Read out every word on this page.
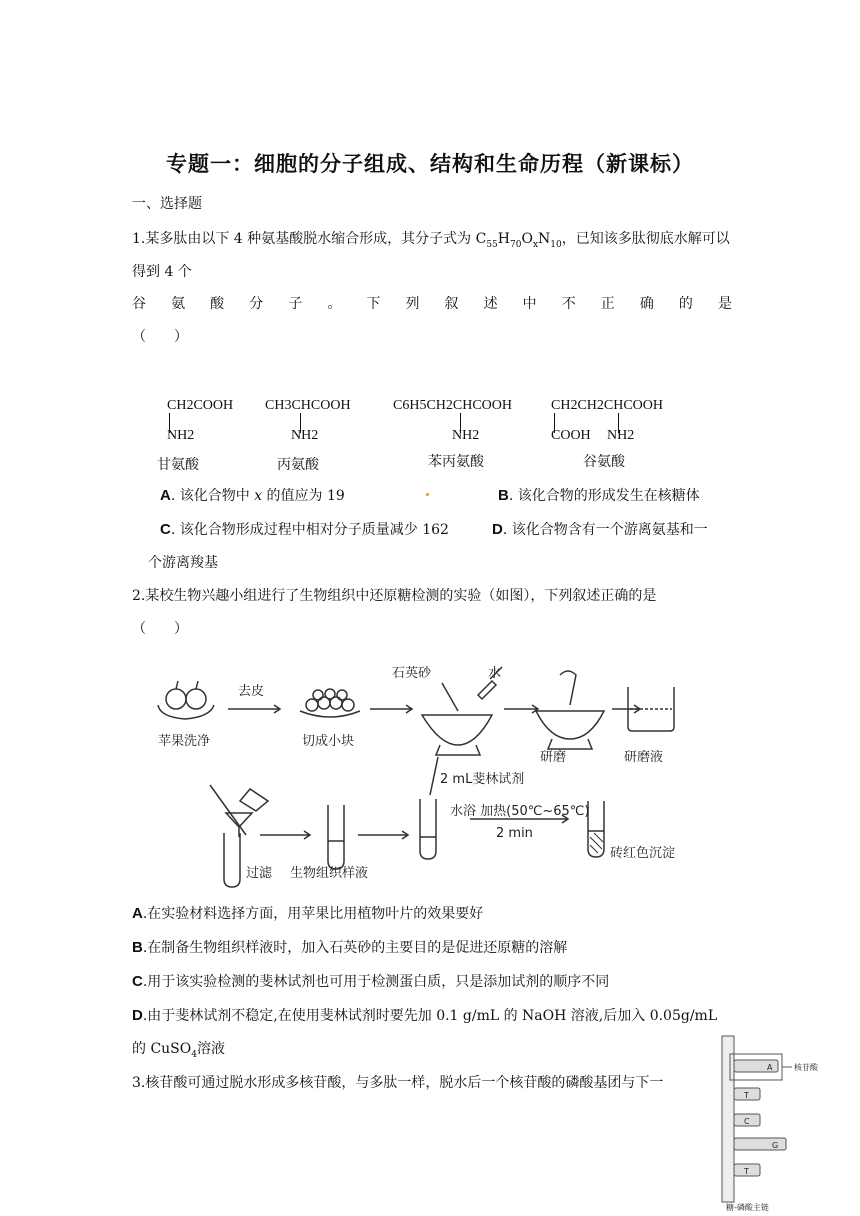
专题一：细胞的分子组成、结构和生命历程（新课标）
一、选择题
1.某多肽由以下 4 种氨基酸脱水缩合形成，其分子式为 $C_{55}H_{70}O_xN_{10}$，已知该多肽彻底水解可以
得到 4 个
谷 氨 酸 分 子 。 下 列 叙 述 中 不 正 确 的 是
（　　）
CH2COOH
NH2
甘氨酸
CH3CHCOOH
NH2
丙氨酸
C6H5CH2CHCOOH
NH2
苯丙氨酸
CH2CH2CHCOOH
COOH NH2
谷氨酸
A. 该化合物中 x 的值应为 19	B. 该化合物的形成发生在核糖体
C. 该化合物形成过程中相对分子质量减少 162	D. 该化合物含有一个游离氨基和一
个游离羧基
2.某校生物兴趣小组进行了生物组织中还原糖检测的实验（如图），下列叙述正确的是
（　　）
苹果洗净
去皮
切成小块
石英砂	水
研磨	研磨液
2 mL斐林试剂
过滤 生物组织样液
水浴 加热(50℃~65℃)
2 min
砖红色沉淀
A.在实验材料选择方面，用苹果比用植物叶片的效果要好
B.在制备生物组织样液时，加入石英砂的主要目的是促进还原糖的溶解
C.用于该实验检测的斐林试剂也可用于检测蛋白质，只是添加试剂的顺序不同
D.由于斐林试剂不稳定,在使用斐林试剂时要先加 0.1 g/mL 的 NaOH 溶液,后加入 0.05g/mL
的 CuSO$_4$溶液
3.核苷酸可通过脱水形成多核苷酸，与多肽一样，脱水后一个核苷酸的磷酸基团与下一
A
T
C
G
T
核苷酸
糖-磷酸主链
